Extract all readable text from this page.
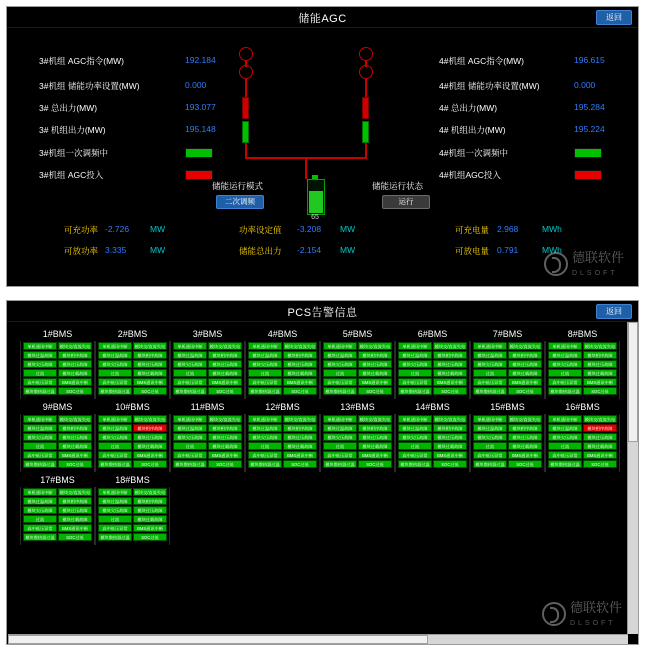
储能AGC	返回
3#机组 AGC指令(MW)	192.184
3#机组 储能功率设置(MW)	0.000
3# 总出力(MW)	193.077
3# 机组出力(MW)	195.148
3#机组一次调频中
3#机组 AGC投入
4#机组 AGC指令(MW)	196.615
4#机组 储能功率设置(MW)	0.000
4# 总出力(MW)	195.284
4# 机组出力(MW)	195.224
4#机组一次调频中
4#机组AGC投入
65
储能运行模式
二次调频
储能运行状态
运行
可充功率 -2.726 MW
可放功率 3.335	MW
功率设定值 -3.208 MW
储能总出力 -2.154 MW
可充电量 2.968	MWh
可放电量 0.791	MWh 德联软件
DLSOFT
PCS告警信息	返回
1#BMS
单机通讯中断	模块交/直流失电
模块过温故障	模块相序故障
模块欠压故障	模块过压故障
过流	模块过载故障
高中低压异常	BMS通讯中断
模块散热器过温	SOC过低
2#BMS
单机通讯中断	模块交/直流失电
模块过温故障	模块相序故障
模块欠压故障	模块过压故障
过流	模块过载故障
高中低压异常	BMS通讯中断
模块散热器过温	SOC过低
3#BMS
单机通讯中断	模块交/直流失电
模块过温故障	模块相序故障
模块欠压故障	模块过压故障
过流	模块过载故障
高中低压异常	BMS通讯中断
模块散热器过温	SOC过低
4#BMS
单机通讯中断	模块交/直流失电
模块过温故障	模块相序故障
模块欠压故障	模块过压故障
过流	模块过载故障
高中低压异常	BMS通讯中断
模块散热器过温	SOC过低
5#BMS
单机通讯中断	模块交/直流失电
模块过温故障	模块相序故障
模块欠压故障	模块过压故障
过流	模块过载故障
高中低压异常	BMS通讯中断
模块散热器过温	SOC过低
6#BMS
单机通讯中断	模块交/直流失电
模块过温故障	模块相序故障
模块欠压故障	模块过压故障
过流	模块过载故障
高中低压异常	BMS通讯中断
模块散热器过温	SOC过低
7#BMS
单机通讯中断	模块交/直流失电
模块过温故障	模块相序故障
模块欠压故障	模块过压故障
过流	模块过载故障
高中低压异常	BMS通讯中断
模块散热器过温	SOC过低
8#BMS
单机通讯中断	模块交/直流失电
模块过温故障	模块相序故障
模块欠压故障	模块过压故障
过流	模块过载故障
高中低压异常	BMS通讯中断
模块散热器过温	SOC过低
9#BMS
单机通讯中断	模块交/直流失电
模块过温故障	模块相序故障
模块欠压故障	模块过压故障
过流	模块过载故障
高中低压异常	BMS通讯中断
模块散热器过温	SOC过低
10#BMS
单机通讯中断	模块交/直流失电
模块过温故障	模块相序故障
模块欠压故障	模块过压故障
过流	模块过载故障
高中低压异常	BMS通讯中断
模块散热器过温	SOC过低
11#BMS
单机通讯中断	模块交/直流失电
模块过温故障	模块相序故障
模块欠压故障	模块过压故障
过流	模块过载故障
高中低压异常	BMS通讯中断
模块散热器过温	SOC过低
12#BMS
单机通讯中断	模块交/直流失电
模块过温故障	模块相序故障
模块欠压故障	模块过压故障
过流	模块过载故障
高中低压异常	BMS通讯中断
模块散热器过温	SOC过低
13#BMS
单机通讯中断	模块交/直流失电
模块过温故障	模块相序故障
模块欠压故障	模块过压故障
过流	模块过载故障
高中低压异常	BMS通讯中断
模块散热器过温	SOC过低
14#BMS
单机通讯中断	模块交/直流失电
模块过温故障	模块相序故障
模块欠压故障	模块过压故障
过流	模块过载故障
高中低压异常	BMS通讯中断
模块散热器过温	SOC过低
15#BMS
单机通讯中断	模块交/直流失电
模块过温故障	模块相序故障
模块欠压故障	模块过压故障
过流	模块过载故障
高中低压异常	BMS通讯中断
模块散热器过温	SOC过低
16#BMS
单机通讯中断	模块交/直流失电
模块过温故障	模块相序故障
模块欠压故障	模块过压故障
过流	模块过载故障
高中低压异常	BMS通讯中断
模块散热器过温	SOC过低
17#BMS
单机通讯中断	模块交/直流失电
模块过温故障	模块相序故障
模块欠压故障	模块过压故障
过流	模块过载故障
高中低压异常	BMS通讯中断
模块散热器过温	SOC过低
18#BMS
单机通讯中断	模块交/直流失电
模块过温故障	模块相序故障
模块欠压故障	模块过压故障
过流	模块过载故障
高中低压异常	BMS通讯中断
模块散热器过温	SOC过低
德联软件
DLSOFT
